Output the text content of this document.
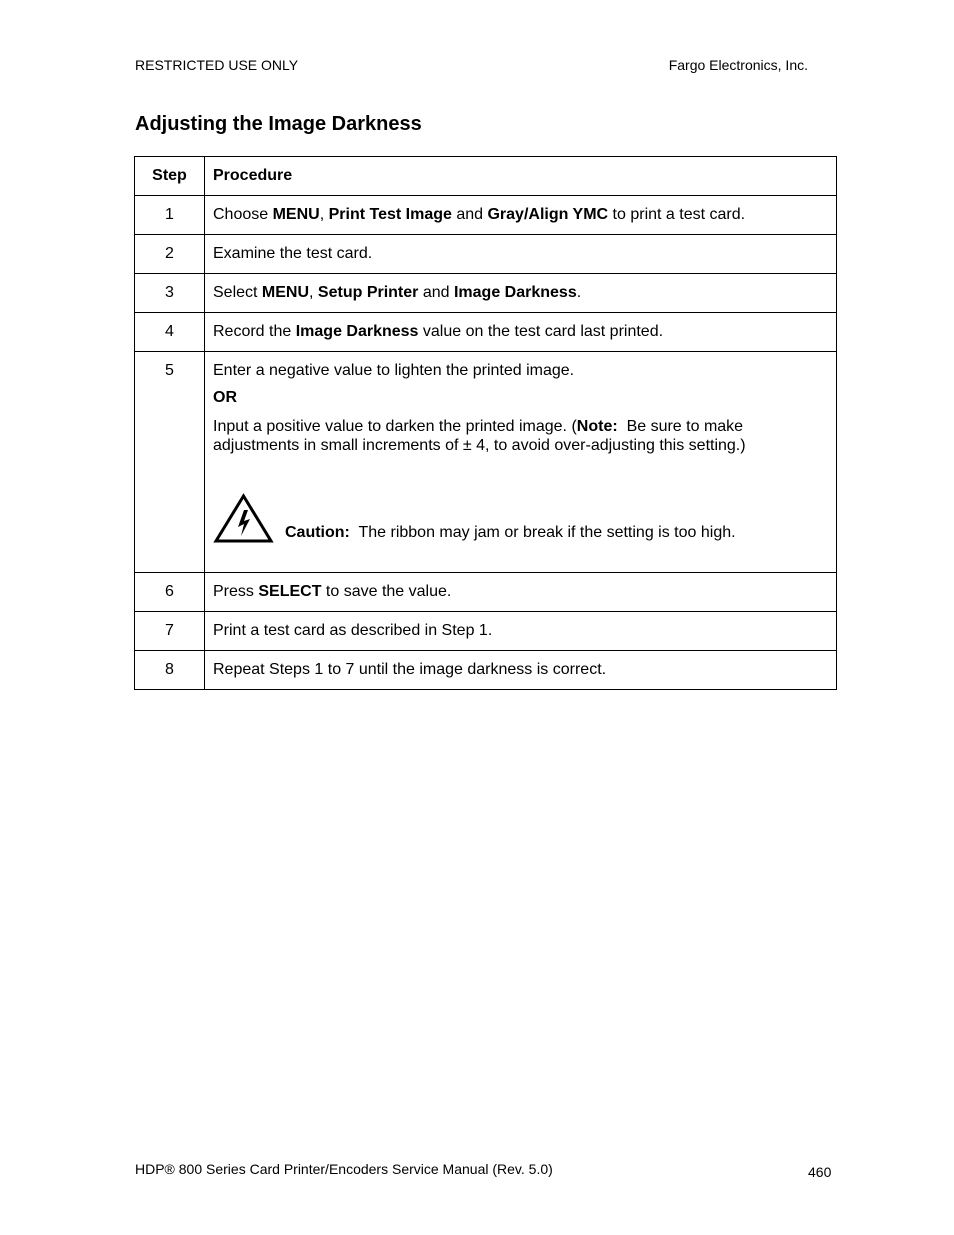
RESTRICTED USE ONLY	Fargo Electronics, Inc.
Adjusting the Image Darkness
Step	Procedure
1	Choose MENU, Print Test Image and Gray/Align YMC to print a test card.
2	Examine the test card.
3	Select MENU, Setup Printer and Image Darkness.
4	Record the Image Darkness value on the test card last printed.
5	Enter a negative value to lighten the printed image.
OR
Input a positive value to darken the printed image. (Note:  Be sure to make adjustments in small increments of ± 4, to avoid over-adjusting this setting.)
Caution:  The ribbon may jam or break if the setting is too high.

6	Press SELECT to save the value.
7	Print a test card as described in Step 1.
8	Repeat Steps 1 to 7 until the image darkness is correct.
HDP® 800 Series Card Printer/Encoders Service Manual (Rev. 5.0)	460
